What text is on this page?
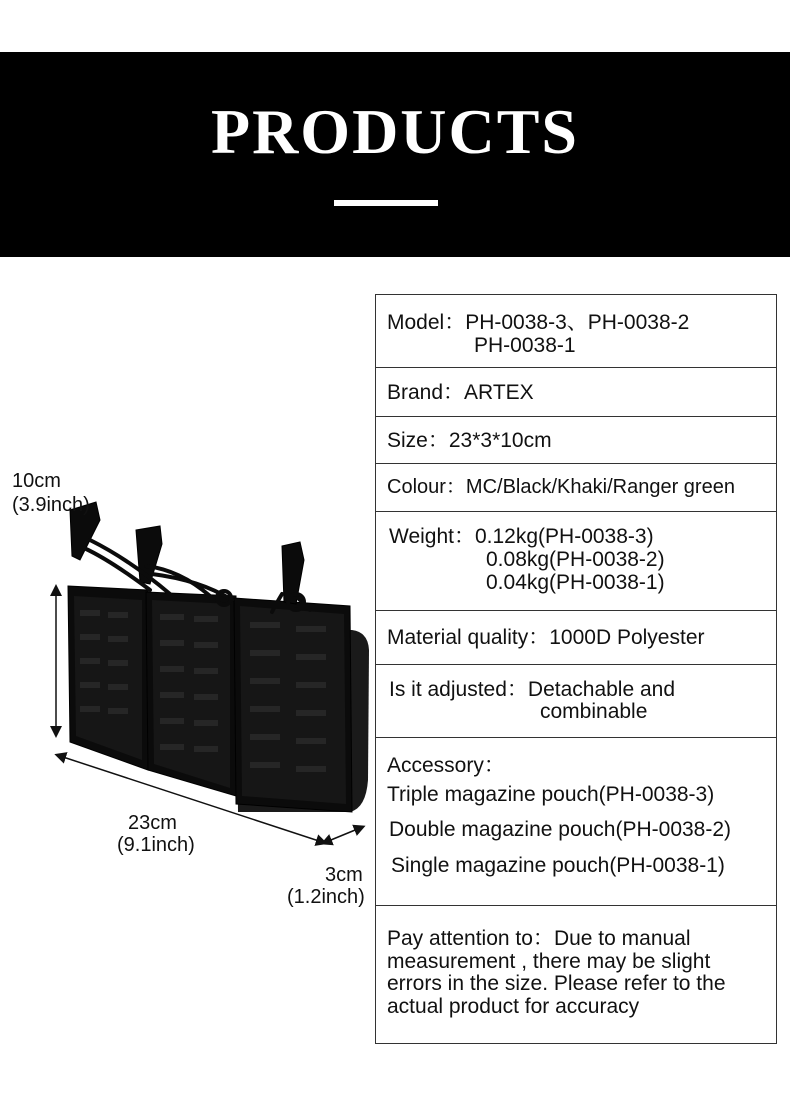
PRODUCTS
10cm
(3.9inch)
23cm
(9.1inch)
3cm
(1.2inch)
Model：PH-0038-3、PH-0038-2
PH-0038-1
Brand：ARTEX
Size：23*3*10cm
Colour：MC/Black/Khaki/Ranger green
Weight：0.12kg(PH-0038-3)
0.08kg(PH-0038-2)
0.04kg(PH-0038-1)
Material quality：1000D Polyester
Is it adjusted：Detachable and
combinable
Accessory：
Triple magazine pouch(PH-0038-3)
Double magazine pouch(PH-0038-2)
Single magazine pouch(PH-0038-1)
Pay attention to：Due to manual
measurement , there may be slight
errors in the size. Please refer to the
actual product for accuracy
